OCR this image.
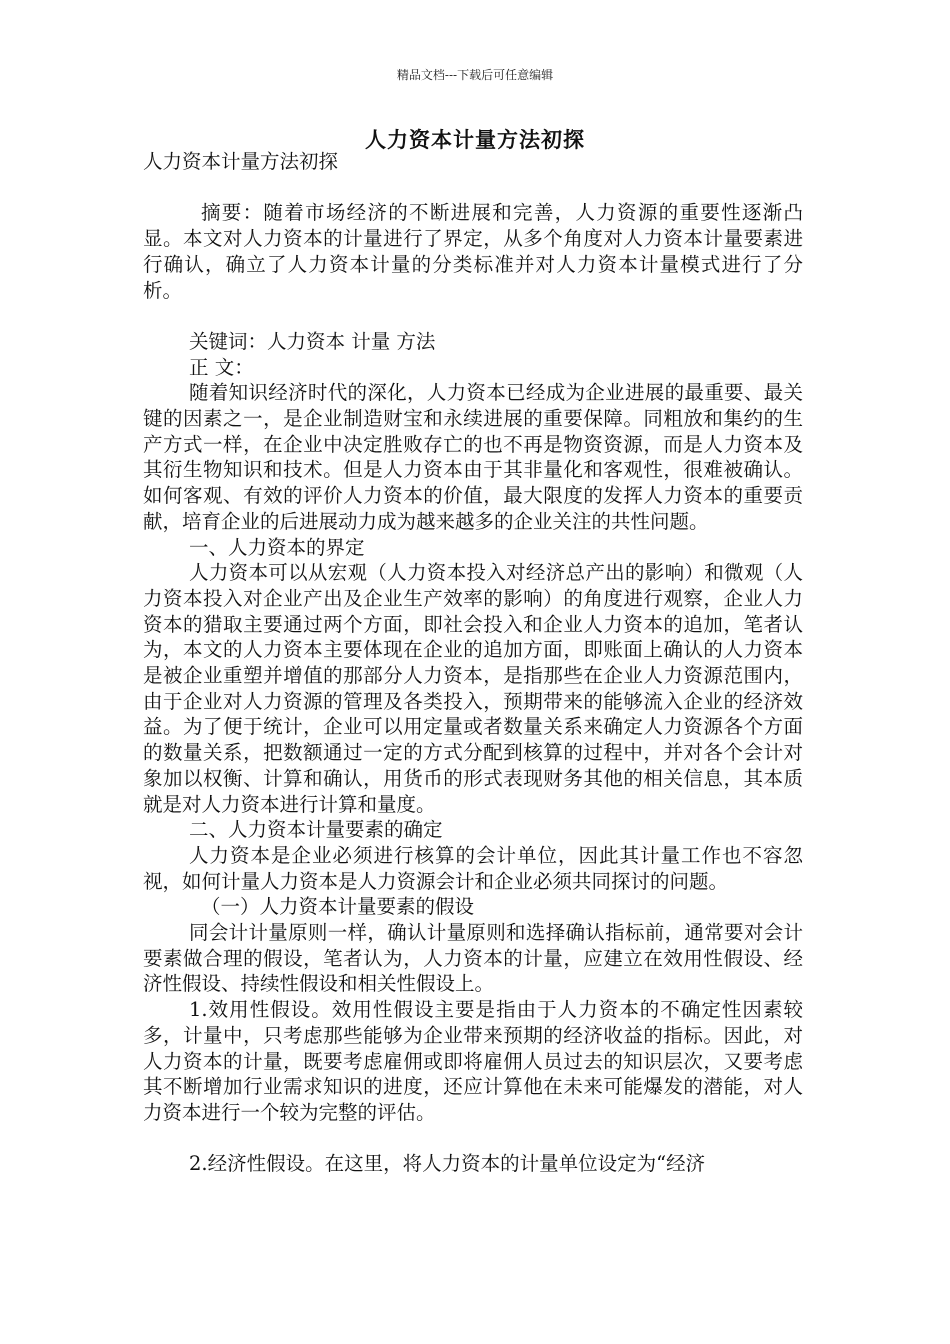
精品文档---下载后可任意编辑
人力资本计量方法初探

人力资本计量方法初探

摘要：随着市场经济的不断进展和完善，人力资源的重要性逐渐凸显。本文对人力资本的计量进行了界定，从多个角度对人力资本计量要素进行确认，确立了人力资本计量的分类标准并对人力资本计量模式进行了分析。

关键词：人力资本 计量 方法

正 文：

随着知识经济时代的深化，人力资本已经成为企业进展的最重要、最关键的因素之一，是企业制造财宝和永续进展的重要保障。同粗放和集约的生产方式一样，在企业中决定胜败存亡的也不再是物资资源，而是人力资本及其衍生物知识和技术。但是人力资本由于其非量化和客观性，很难被确认。如何客观、有效的评价人力资本的价值，最大限度的发挥人力资本的重要贡献，培育企业的后进展动力成为越来越多的企业关注的共性问题。

一、人力资本的界定

人力资本可以从宏观（人力资本投入对经济总产出的影响）和微观（人力资本投入对企业产出及企业生产效率的影响）的角度进行观察，企业人力资本的猎取主要通过两个方面，即社会投入和企业人力资本的追加，笔者认为，本文的人力资本主要体现在企业的追加方面，即账面上确认的人力资本是被企业重塑并增值的那部分人力资本，是指那些在企业人力资源范围内，由于企业对人力资源的管理及各类投入，预期带来的能够流入企业的经济效益。为了便于统计，企业可以用定量或者数量关系来确定人力资源各个方面的数量关系，把数额通过一定的方式分配到核算的过程中，并对各个会计对象加以权衡、计算和确认，用货币的形式表现财务其他的相关信息，其本质就是对人力资本进行计算和量度。

二、人力资本计量要素的确定

人力资本是企业必须进行核算的会计单位，因此其计量工作也不容忽视，如何计量人力资本是人力资源会计和企业必须共同探讨的问题。

（一）人力资本计量要素的假设

同会计计量原则一样，确认计量原则和选择确认指标前，通常要对会计要素做合理的假设，笔者认为，人力资本的计量，应建立在效用性假设、经济性假设、持续性假设和相关性假设上。

1.效用性假设。效用性假设主要是指由于人力资本的不确定性因素较多，计量中，只考虑那些能够为企业带来预期的经济收益的指标。因此，对人力资本的计量，既要考虑雇佣或即将雇佣人员过去的知识层次，又要考虑其不断增加行业需求知识的进度，还应计算他在未来可能爆发的潜能，对人力资本进行一个较为完整的评估。

2.经济性假设。在这里，将人力资本的计量单位设定为“经济
